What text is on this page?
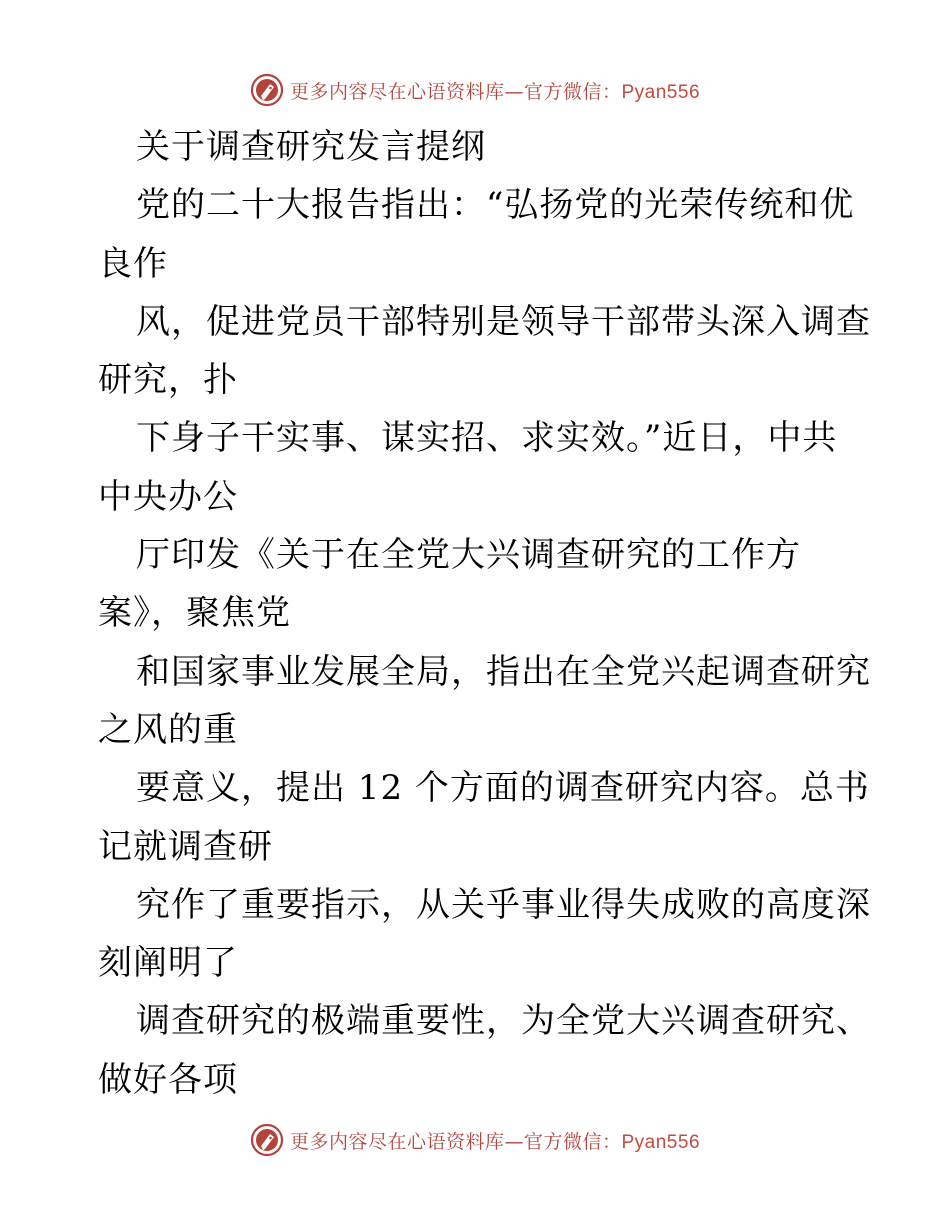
更多内容尽在心语资料库—官方微信：Pyan556
关于调查研究发言提纲
党的二十大报告指出：“弘扬党的光荣传统和优
良作
风，促进党员干部特别是领导干部带头深入调查
研究，扑
下身子干实事、谋实招、求实效。”近日，中共
中央办公
厅印发《关于在全党大兴调查研究的工作方
案》，聚焦党
和国家事业发展全局，指出在全党兴起调查研究
之风的重
要意义，提出 12 个方面的调查研究内容。总书
记就调查研
究作了重要指示，从关乎事业得失成败的高度深
刻阐明了
调查研究的极端重要性，为全党大兴调查研究、
做好各项
更多内容尽在心语资料库—官方微信：Pyan556
